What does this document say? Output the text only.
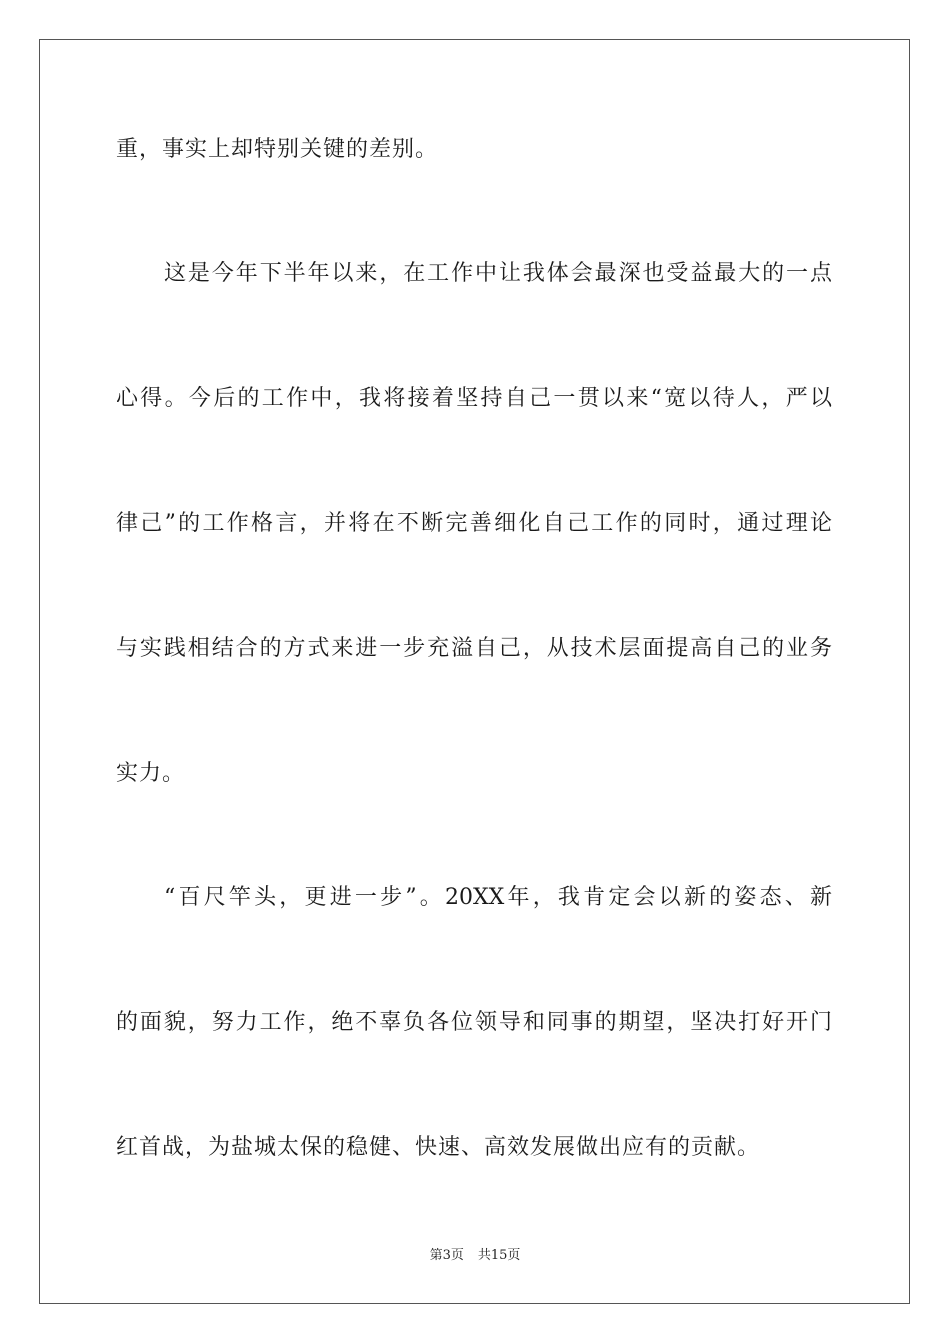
重，事实上却特别关键的差别。
这是今年下半年以来，在工作中让我体会最深也受益最大的一点
心得。今后的工作中，我将接着坚持自己一贯以来“宽以待人，严以
律己”的工作格言，并将在不断完善细化自己工作的同时，通过理论
与实践相结合的方式来进一步充溢自己，从技术层面提高自己的业务
实力。
“百尺竿头，更进一步”。20XX年，我肯定会以新的姿态、新
的面貌，努力工作，绝不辜负各位领导和同事的期望，坚决打好开门
红首战，为盐城太保的稳健、快速、高效发展做出应有的贡献。
第3页 共15页
